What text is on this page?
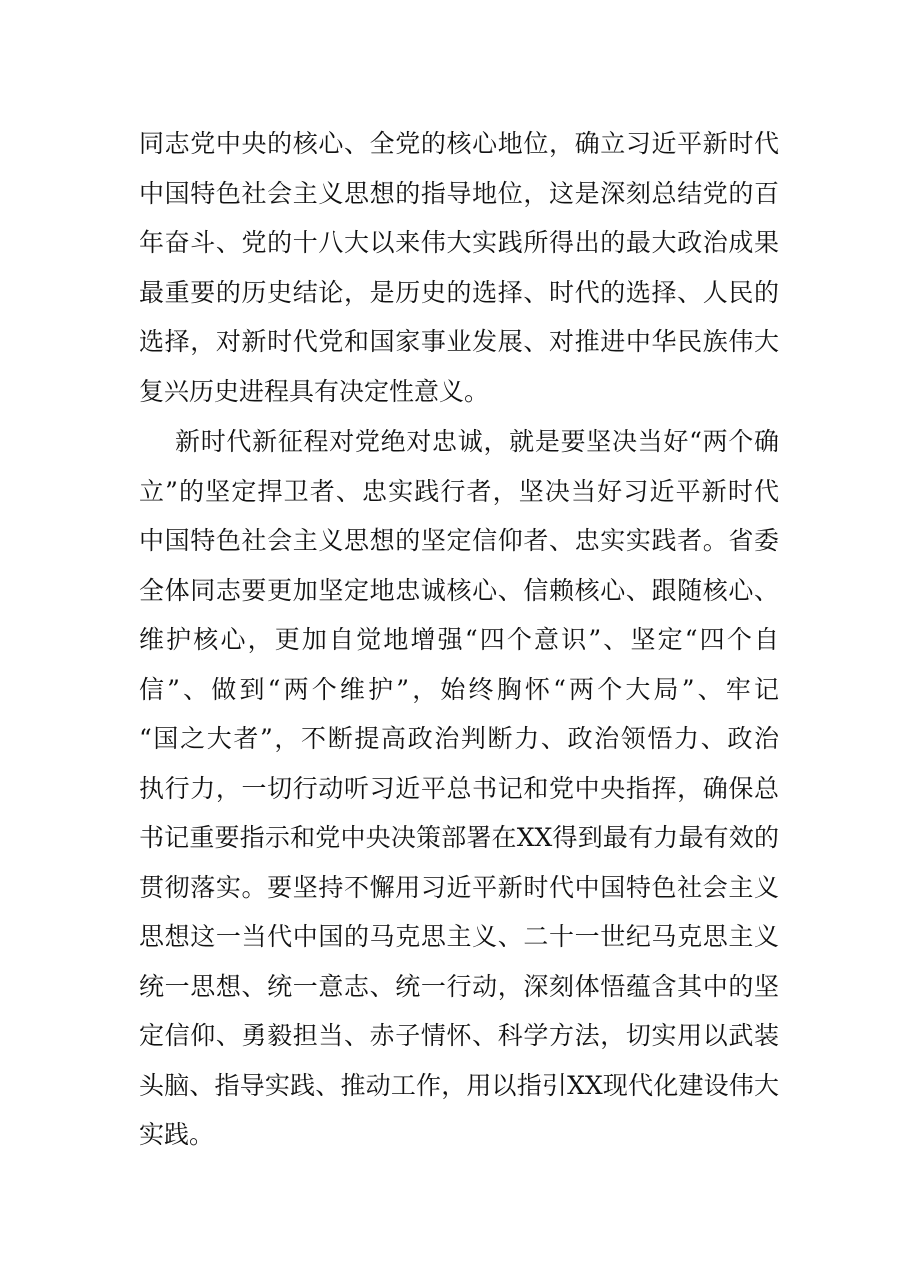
同志党中央的核心、全党的核心地位，确立习近平新时代
中国特色社会主义思想的指导地位，这是深刻总结党的百
年奋斗、党的十八大以来伟大实践所得出的最大政治成果
最重要的历史结论，是历史的选择、时代的选择、人民的
选择，对新时代党和国家事业发展、对推进中华民族伟大
复兴历史进程具有决定性意义。
新时代新征程对党绝对忠诚，就是要坚决当好“两个确
立”的坚定捍卫者、忠实践行者，坚决当好习近平新时代
中国特色社会主义思想的坚定信仰者、忠实实践者。省委
全体同志要更加坚定地忠诚核心、信赖核心、跟随核心、
维护核心，更加自觉地增强“四个意识”、坚定“四个自
信”、做到“两个维护”，始终胸怀“两个大局”、牢记
“国之大者”，不断提高政治判断力、政治领悟力、政治
执行力，一切行动听习近平总书记和党中央指挥，确保总
书记重要指示和党中央决策部署在XX得到最有力最有效的
贯彻落实。要坚持不懈用习近平新时代中国特色社会主义
思想这一当代中国的马克思主义、二十一世纪马克思主义
统一思想、统一意志、统一行动，深刻体悟蕴含其中的坚
定信仰、勇毅担当、赤子情怀、科学方法，切实用以武装
头脑、指导实践、推动工作，用以指引XX现代化建设伟大
实践。
